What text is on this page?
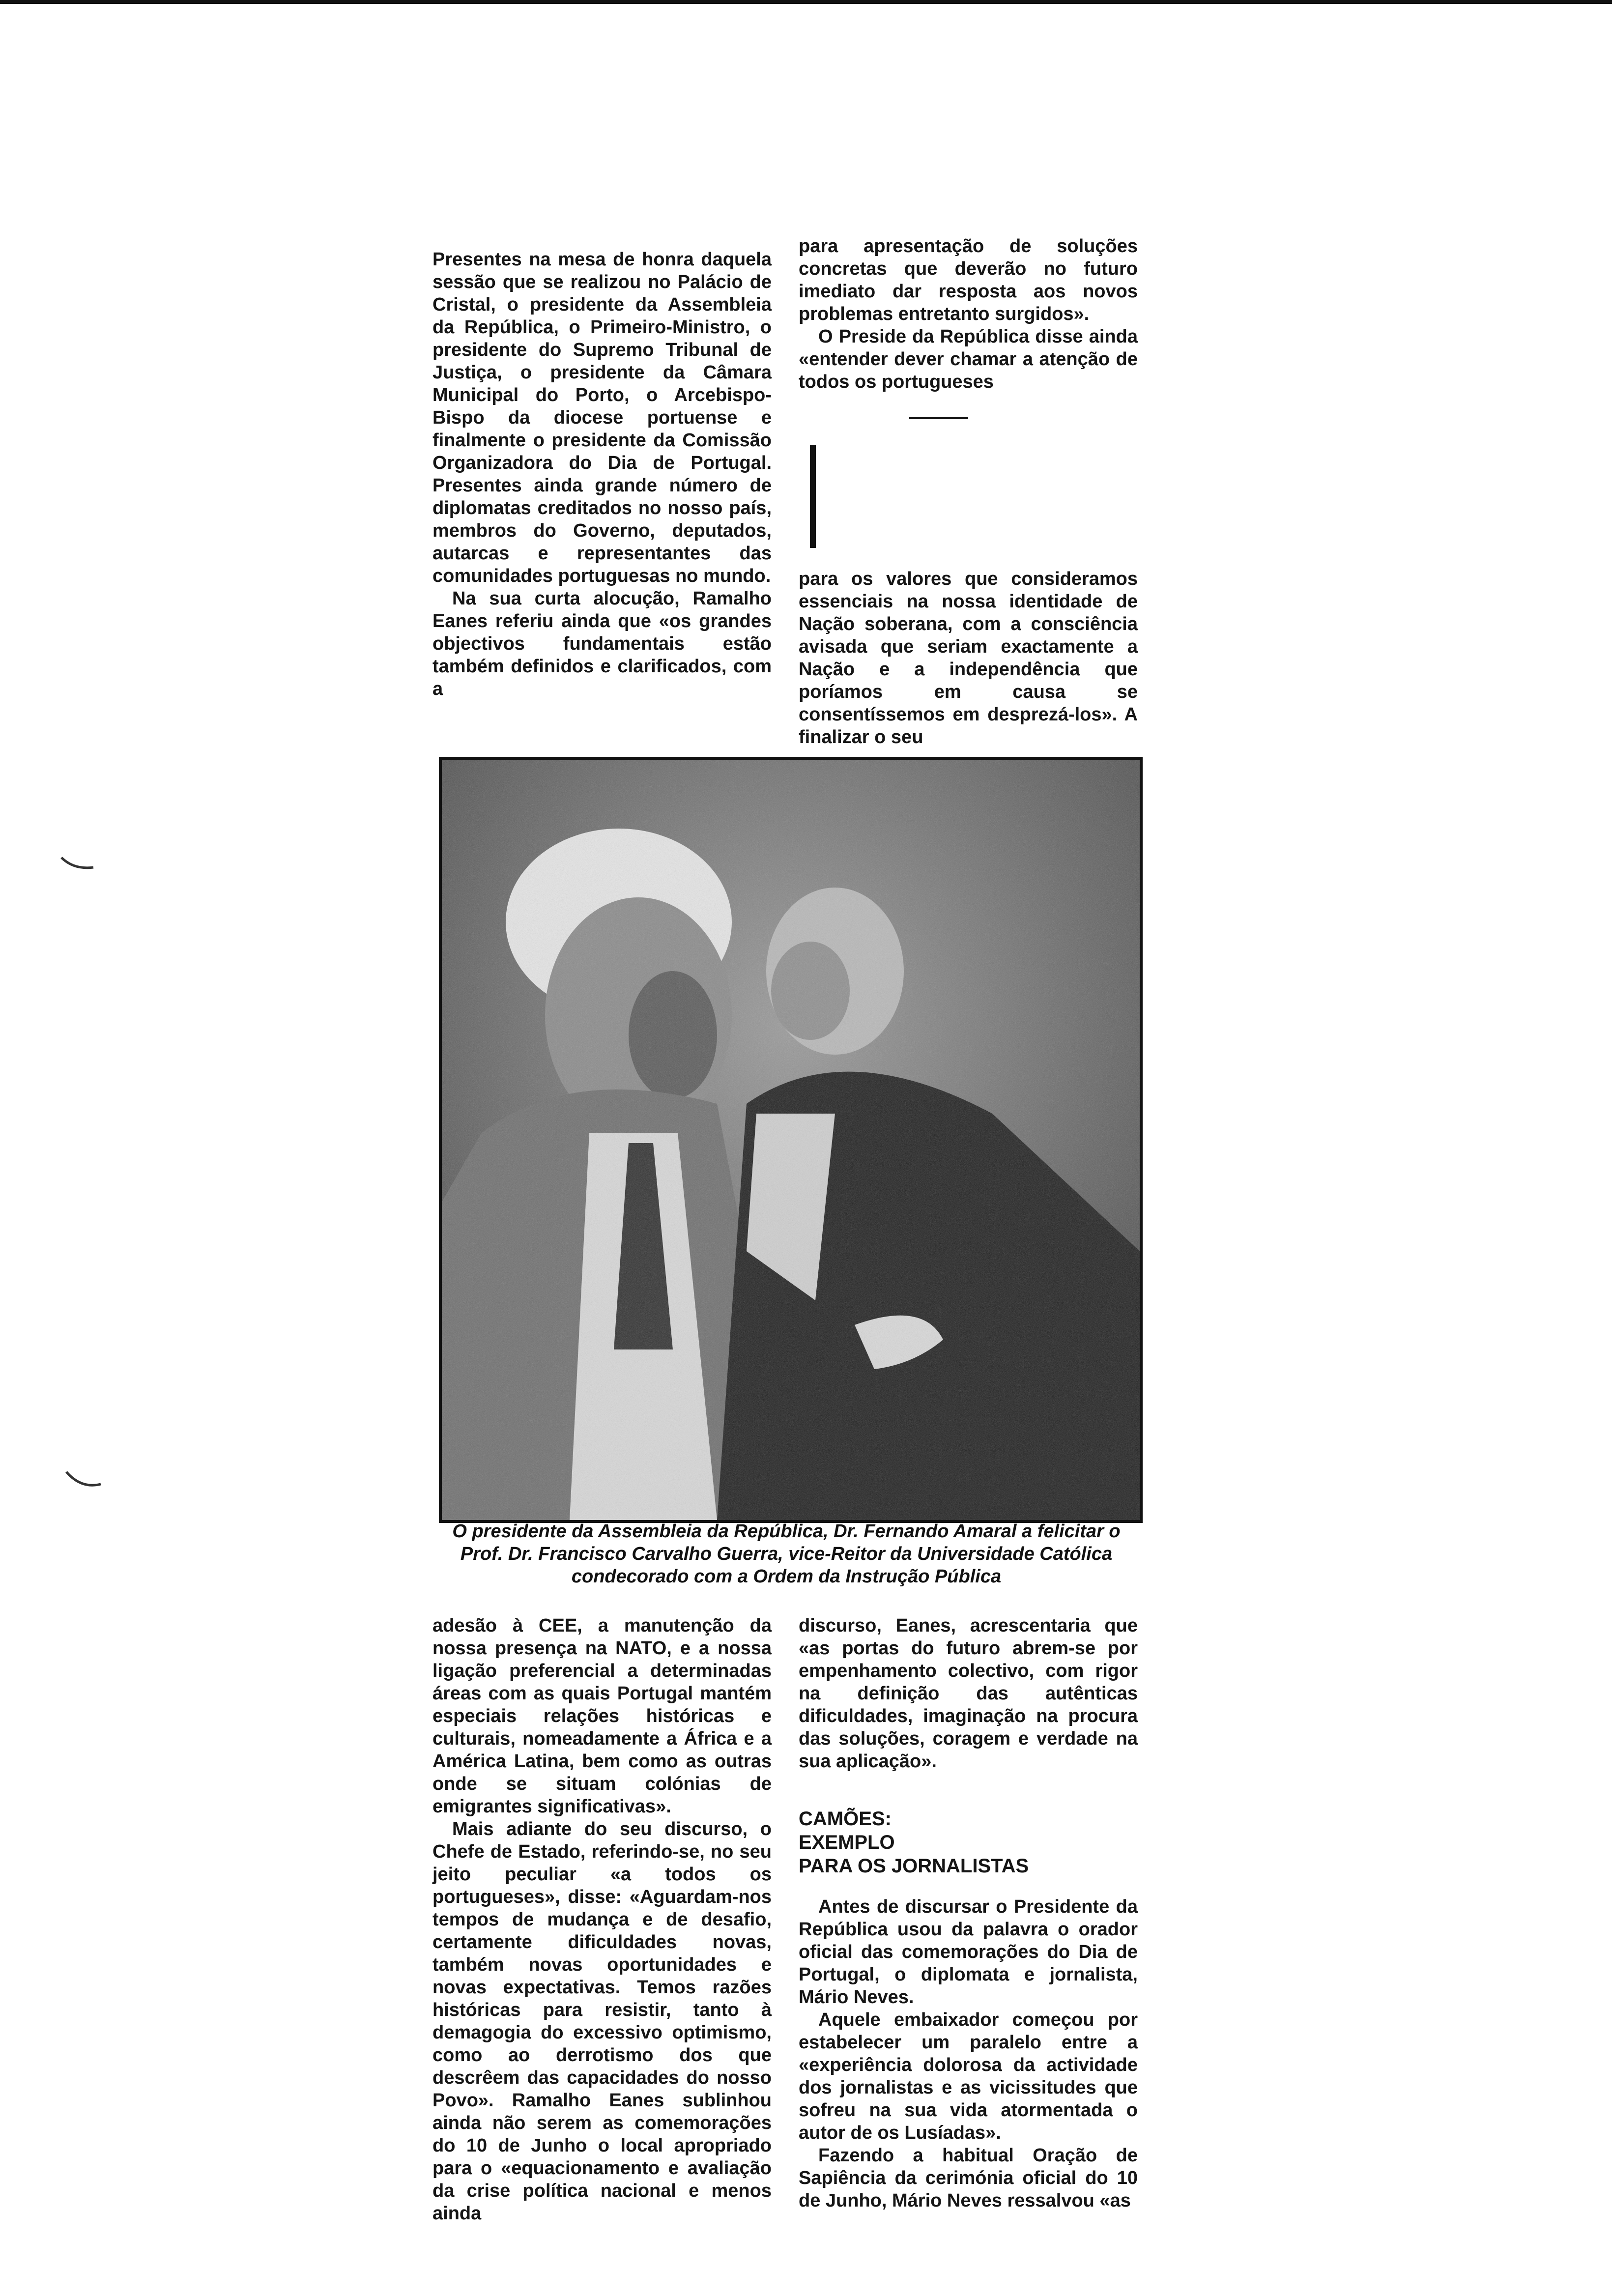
Presentes na mesa de honra daquela sessão que se realizou no Palácio de Cristal, o presidente da Assembleia da República, o Primeiro-Ministro, o presidente do Supremo Tribunal de Justiça, o presidente da Câmara Municipal do Porto, o Arcebispo-Bispo da diocese portuense e finalmente o presidente da Comissão Organizadora do Dia de Portugal. Presentes ainda grande número de diplomatas creditados no nosso país, membros do Governo, deputados, autarcas e representantes das comunidades portuguesas no mundo.

Na sua curta alocução, Ramalho Eanes referiu ainda que «os grandes objectivos fundamentais estão também definidos e clarificados, com a

para apresentação de soluções concretas que deverão no futuro imediato dar resposta aos novos problemas entretanto surgidos».

O Preside da República disse ainda «entender dever chamar a atenção de todos os portugueses

para os valores que consideramos essenciais na nossa identidade de Nação soberana, com a consciência avisada que seriam exactamente a Nação e a independência que poríamos em causa se consentíssemos em desprezá-los». A finalizar o seu

O presidente da Assembleia da República, Dr. Fernando Amaral a felicitar o Prof. Dr. Francisco Carvalho Guerra, vice-Reitor da Universidade Católica condecorado com a Ordem da Instrução Pública

adesão à CEE, a manutenção da nossa presença na NATO, e a nossa ligação preferencial a determinadas áreas com as quais Portugal mantém especiais relações históricas e culturais, nomeadamente a África e a América Latina, bem como as outras onde se situam colónias de emigrantes significativas».

Mais adiante do seu discurso, o Chefe de Estado, referindo-se, no seu jeito peculiar «a todos os portugueses», disse: «Aguardam-nos tempos de mudança e de desafio, certamente dificuldades novas, também novas oportunidades e novas expectativas. Temos razões históricas para resistir, tanto à demagogia do excessivo optimismo, como ao derrotismo dos que descrêem das capacidades do nosso Povo». Ramalho Eanes sublinhou ainda não serem as comemorações do 10 de Junho o local apropriado para o «equacionamento e avaliação da crise política nacional e menos ainda

discurso, Eanes, acrescentaria que «as portas do futuro abrem-se por empenhamento colectivo, com rigor na definição das autênticas dificuldades, imaginação na procura das soluções, coragem e verdade na sua aplicação».

CAMÕES:
EXEMPLO
PARA OS JORNALISTAS

Antes de discursar o Presidente da República usou da palavra o orador oficial das comemorações do Dia de Portugal, o diplomata e jornalista, Mário Neves.

Aquele embaixador começou por estabelecer um paralelo entre a «experiência dolorosa da actividade dos jornalistas e as vicissitudes que sofreu na sua vida atormentada o autor de os Lusíadas».

Fazendo a habitual Oração de Sapiência da cerimónia oficial do 10 de Junho, Mário Neves ressalvou «as
